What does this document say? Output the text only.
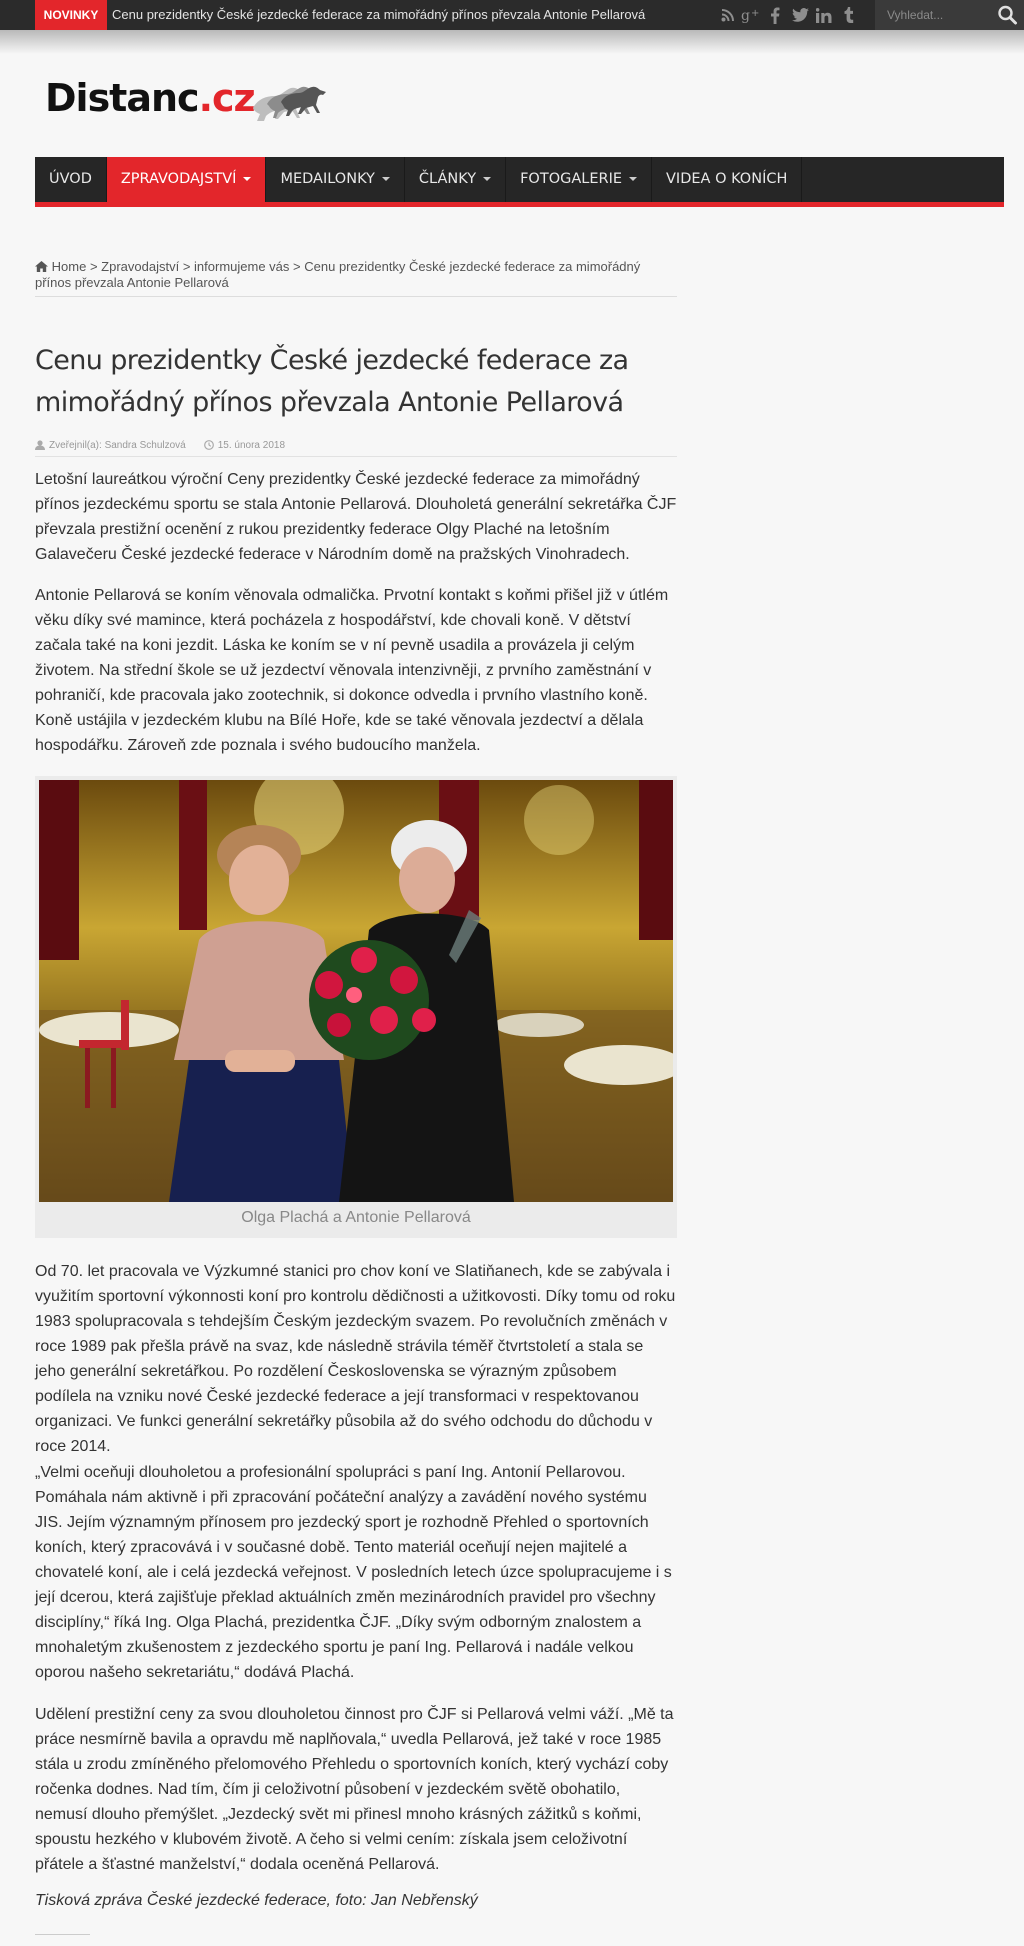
NOVINKY	Cenu prezidentky České jezdecké federace za mimořádný přínos převzala Antonie Pellarová	g +
Vyhledat...
Distanc.cz
ÚVOD	ZPRAVODAJSTVÍ	MEDAILONKY	ČLÁNKY	FOTOGALERIE	VIDEA O KONÍCH
Home > Zpravodajství > informujeme vás > Cenu prezidentky České jezdecké federace za mimořádný přínos převzala Antonie Pellarová
Cenu prezidentky České jezdecké federace za mimořádný přínos převzala Antonie Pellarová
Zveřejnil(a): Sandra Schulzová	15. února 2018

Letošní laureátkou výroční Ceny prezidentky České jezdecké federace za mimořádný přínos jezdeckému sportu se stala Antonie Pellarová. Dlouholetá generální sekretářka ČJF převzala prestižní ocenění z rukou prezidentky federace Olgy Plaché na letošním Galavečeru České jezdecké federace v Národním domě na pražských Vinohradech.

Antonie Pellarová se koním věnovala odmalička. Prvotní kontakt s koňmi přišel již v útlém věku díky své mamince, která pocházela z hospodářství, kde chovali koně. V dětství začala také na koni jezdit. Láska ke koním se v ní pevně usadila a provázela ji celým životem. Na střední škole se už jezdectví věnovala intenzivněji, z prvního zaměstnání v pohraničí, kde pracovala jako zootechnik, si dokonce odvedla i prvního vlastního koně. Koně ustájila v jezdeckém klubu na Bílé Hoře, kde se také věnovala jezdectví a dělala hospodářku. Zároveň zde poznala i svého budoucího manžela.

Olga Plachá a Antonie Pellarová

Od 70. let pracovala ve Výzkumné stanici pro chov koní ve Slatiňanech, kde se zabývala i využitím sportovní výkonnosti koní pro kontrolu dědičnosti a užitkovosti. Díky tomu od roku 1983 spolupracovala s tehdejším Českým jezdeckým svazem. Po revolučních změnách v roce 1989 pak přešla právě na svaz, kde následně strávila téměř čtvrtstoletí a stala se jeho generální sekretářkou. Po rozdělení Československa se výrazným způsobem podílela na vzniku nové České jezdecké federace a její transformaci v respektovanou organizaci. Ve funkci generální sekretářky působila až do svého odchodu do důchodu v roce 2014.

„Velmi oceňuji dlouholetou a profesionální spolupráci s paní Ing. Antonií Pellarovou. Pomáhala nám aktivně i při zpracování počáteční analýzy a zavádění nového systému JIS. Jejím významným přínosem pro jezdecký sport je rozhodně Přehled o sportovních koních, který zpracovává i v současné době. Tento materiál oceňují nejen majitelé a chovatelé koní, ale i celá jezdecká veřejnost. V posledních letech úzce spolupracujeme i s její dcerou, která zajišťuje překlad aktuálních změn mezinárodních pravidel pro všechny disciplíny,“ říká Ing. Olga Plachá, prezidentka ČJF. „Díky svým odborným znalostem a mnohaletým zkušenostem z jezdeckého sportu je paní Ing. Pellarová i nadále velkou oporou našeho sekretariátu,“ dodává Plachá.

Udělení prestižní ceny za svou dlouholetou činnost pro ČJF si Pellarová velmi váží. „Mě ta práce nesmírně bavila a opravdu mě naplňovala,“ uvedla Pellarová, jež také v roce 1985 stála u zrodu zmíněného přelomového Přehledu o sportovních koních, který vychází coby ročenka dodnes. Nad tím, čím ji celoživotní působení v jezdeckém světě obohatilo, nemusí dlouho přemýšlet. „Jezdecký svět mi přinesl mnoho krásných zážitků s koňmi, spoustu hezkého v klubovém životě. A čeho si velmi cením: získala jsem celoživotní přátele a šťastné manželství,“ dodala oceněná Pellarová.

Tisková zpráva České jezdecké federace, foto: Jan Nebřenský
